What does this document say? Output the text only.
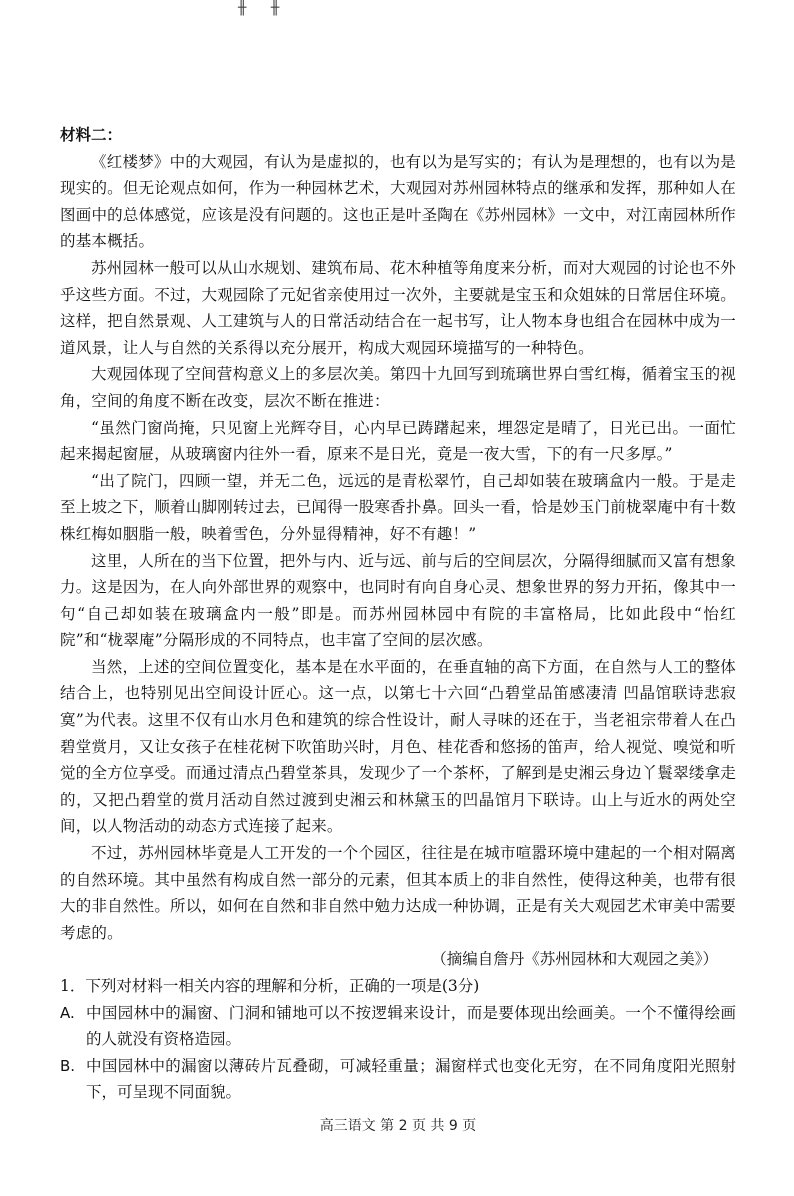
╫ ╫
材料二：

《红楼梦》中的大观园，有认为是虚拟的，也有以为是写实的；有认为是理想的，也有以为是现实的。但无论观点如何，作为一种园林艺术，大观园对苏州园林特点的继承和发挥，那种如人在图画中的总体感觉，应该是没有问题的。这也正是叶圣陶在《苏州园林》一文中，对江南园林所作的基本概括。

苏州园林一般可以从山水规划、建筑布局、花木种植等角度来分析，而对大观园的讨论也不外乎这些方面。不过，大观园除了元妃省亲使用过一次外，主要就是宝玉和众姐妹的日常居住环境。这样，把自然景观、人工建筑与人的日常活动结合在一起书写，让人物本身也组合在园林中成为一道风景，让人与自然的关系得以充分展开，构成大观园环境描写的一种特色。

大观园体现了空间营构意义上的多层次美。第四十九回写到琉璃世界白雪红梅，循着宝玉的视角，空间的角度不断在改变，层次不断在推进：

“虽然门窗尚掩，只见窗上光辉夺目，心内早已踌躇起来，埋怨定是晴了，日光已出。一面忙起来揭起窗屉，从玻璃窗内往外一看，原来不是日光，竟是一夜大雪，下的有一尺多厚。”

“出了院门，四顾一望，并无二色，远远的是青松翠竹，自己却如装在玻璃盒内一般。于是走至上坡之下，顺着山脚刚转过去，已闻得一股寒香扑鼻。回头一看，恰是妙玉门前栊翠庵中有十数株红梅如胭脂一般，映着雪色，分外显得精神，好不有趣！”

这里，人所在的当下位置，把外与内、近与远、前与后的空间层次，分隔得细腻而又富有想象力。这是因为，在人向外部世界的观察中，也同时有向自身心灵、想象世界的努力开拓，像其中一句“自己却如装在玻璃盒内一般”即是。而苏州园林园中有院的丰富格局，比如此段中“怡红院”和“栊翠庵”分隔形成的不同特点，也丰富了空间的层次感。

当然，上述的空间位置变化，基本是在水平面的，在垂直轴的高下方面，在自然与人工的整体结合上，也特别见出空间设计匠心。这一点，以第七十六回“凸碧堂品笛感凄清 凹晶馆联诗悲寂寞”为代表。这里不仅有山水月色和建筑的综合性设计，耐人寻味的还在于，当老祖宗带着人在凸碧堂赏月，又让女孩子在桂花树下吹笛助兴时，月色、桂花香和悠扬的笛声，给人视觉、嗅觉和听觉的全方位享受。而通过清点凸碧堂茶具，发现少了一个茶杯，了解到是史湘云身边丫鬟翠缕拿走的，又把凸碧堂的赏月活动自然过渡到史湘云和林黛玉的凹晶馆月下联诗。山上与近水的两处空间，以人物活动的动态方式连接了起来。

不过，苏州园林毕竟是人工开发的一个个园区，往往是在城市喧嚣环境中建起的一个相对隔离的自然环境。其中虽然有构成自然一部分的元素，但其本质上的非自然性，使得这种美，也带有很大的非自然性。所以，如何在自然和非自然中勉力达成一种协调，正是有关大观园艺术审美中需要考虑的。

（摘编自詹丹《苏州园林和大观园之美》）

1．下列对材料一相关内容的理解和分析，正确的一项是(3分)

A. 中国园林中的漏窗、门洞和铺地可以不按逻辑来设计，而是要体现出绘画美。一个不懂得绘画的人就没有资格造园。
B. 中国园林中的漏窗以薄砖片瓦叠砌，可减轻重量；漏窗样式也变化无穷，在不同角度阳光照射下，可呈现不同面貌。
高三语文 第 2 页 共 9 页
